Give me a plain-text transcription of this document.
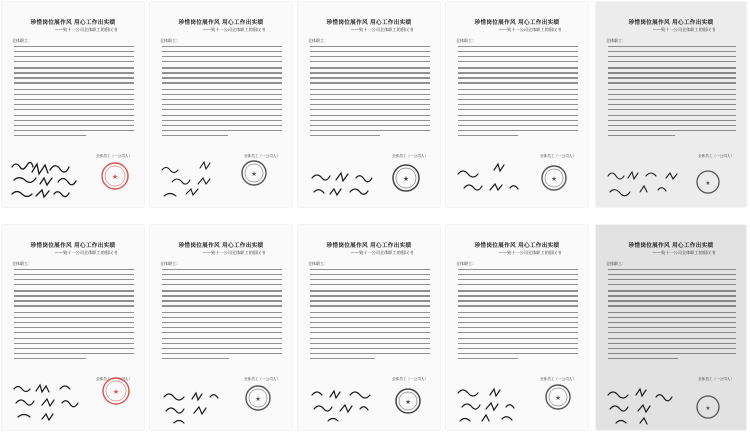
珍惜岗位展作风 用心工作出实绩
——致十一公司全体职工的倡议书
全体职工：
全体员工（一公司人）
★
珍惜岗位展作风 用心工作出实绩
——致十一公司全体职工的倡议书
全体职工：
全体员工（一公司人）
★
珍惜岗位展作风 用心工作出实绩
——致十一公司全体职工的倡议书
全体职工：
全体员工（一公司人）
★
珍惜岗位展作风 用心工作出实绩
——致十一公司全体职工的倡议书
全体职工：
全体员工（一公司人）
★
珍惜岗位展作风 用心工作出实绩
——致十一公司全体职工的倡议书
全体职工：
全体员工（一公司人）
★
珍惜岗位展作风 用心工作出实绩
——致十一公司全体职工的倡议书
全体职工：
全体员工（一公司人）
★
珍惜岗位展作风 用心工作出实绩
——致十一公司全体职工的倡议书
全体职工：
全体员工（一公司人）
★
珍惜岗位展作风 用心工作出实绩
——致十一公司全体职工的倡议书
全体职工：
全体员工（一公司人）
★
珍惜岗位展作风 用心工作出实绩
——致十一公司全体职工的倡议书
全体职工：
全体员工（一公司人）
★
珍惜岗位展作风 用心工作出实绩
——致十一公司全体职工的倡议书
全体职工：
全体员工（一公司人）
★
